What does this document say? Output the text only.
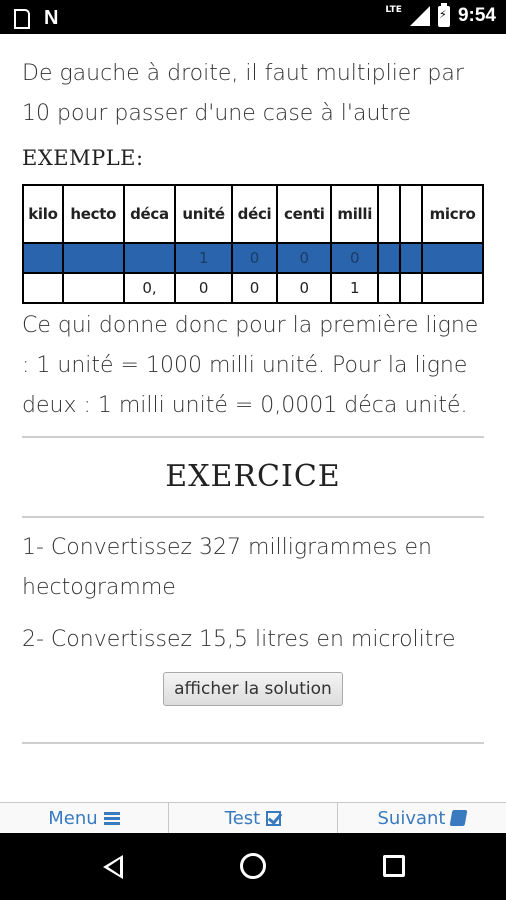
N	LTE ⚡	9:54

De gauche à droite, il faut multiplier par 10 pour passer d'une case à l'autre

EXEMPLE:
kilo	hecto	déca	unité	déci	centi	milli			micro
			1	0	0	0			
		0,	0	0	0	1			

Ce qui donne donc pour la première ligne : 1 unité = 1000 milli unité. Pour la ligne deux : 1 milli unité = 0,0001 déca unité.

EXERCICE

1- Convertissez 327 milligrammes en hectogramme

2- Convertissez 15,5 litres en microlitre

afficher la solution
Menu	Test	Suivant
